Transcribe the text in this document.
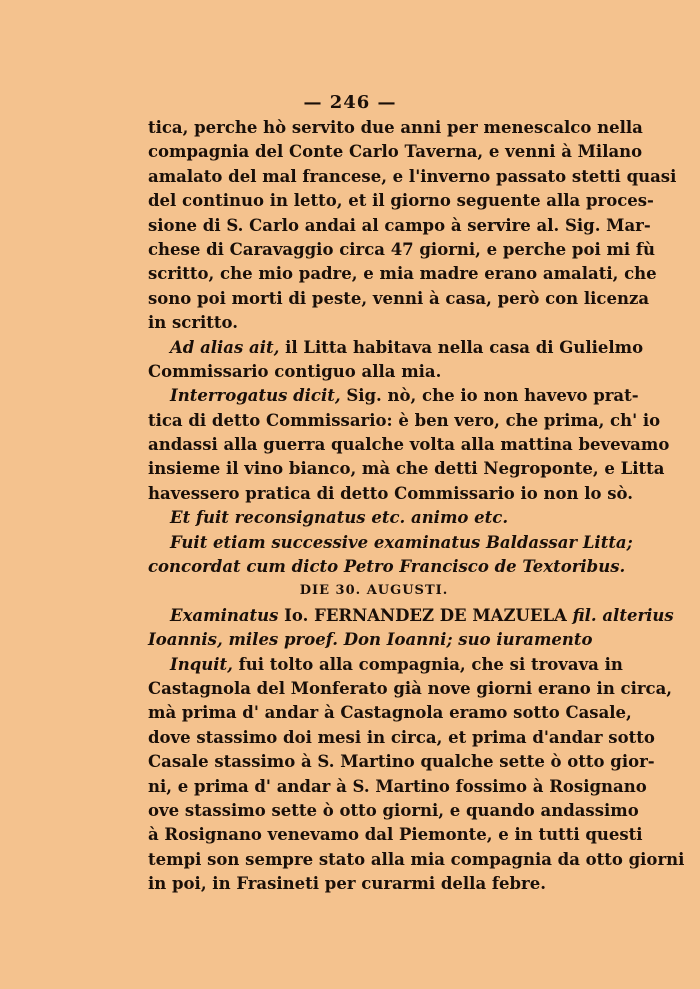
— 246 —
tica, perche hò servito due anni per menescalco nella
compagnia del Conte Carlo Taverna, e venni à Milano
amalato del mal francese, e l'inverno passato stetti quasi
del continuo in letto, et il giorno seguente alla proces-
sione di S. Carlo andai al campo à servire al. Sig. Mar-
chese di Caravaggio circa 47 giorni, e perche poi mi fù
scritto, che mio padre, e mia madre erano amalati, che
sono poi morti di peste, venni à casa, però con licenza
in scritto.
Ad alias ait, il Litta habitava nella casa di Gulielmo
Commissario contiguo alla mia.
Interrogatus dicit, Sig. nò, che io non havevo prat-
tica di detto Commissario: è ben vero, che prima, ch' io
andassi alla guerra qualche volta alla mattina bevevamo
insieme il vino bianco, mà che detti Negroponte, e Litta
havessero pratica di detto Commissario io non lo sò.
Et fuit reconsignatus etc. animo etc.
Fuit etiam successive examinatus Baldassar Litta;
concordat cum dicto Petro Francisco de Textoribus.
DIE 30. AUGUSTI.
Examinatus Io. FERNANDEZ DE MAZUELA fil. alterius
Ioannis, miles proef. Don Ioanni; suo iuramento
Inquit, fui tolto alla compagnia, che si trovava in
Castagnola del Monferato già nove giorni erano in circa,
mà prima d' andar à Castagnola eramo sotto Casale,
dove stassimo doi mesi in circa, et prima d'andar sotto
Casale stassimo à S. Martino qualche sette ò otto gior-
ni, e prima d' andar à S. Martino fossimo à Rosignano
ove stassimo sette ò otto giorni, e quando andassimo
à Rosignano venevamo dal Piemonte, e in tutti questi
tempi son sempre stato alla mia compagnia da otto giorni
in poi, in Frasineti per curarmi della febre.
